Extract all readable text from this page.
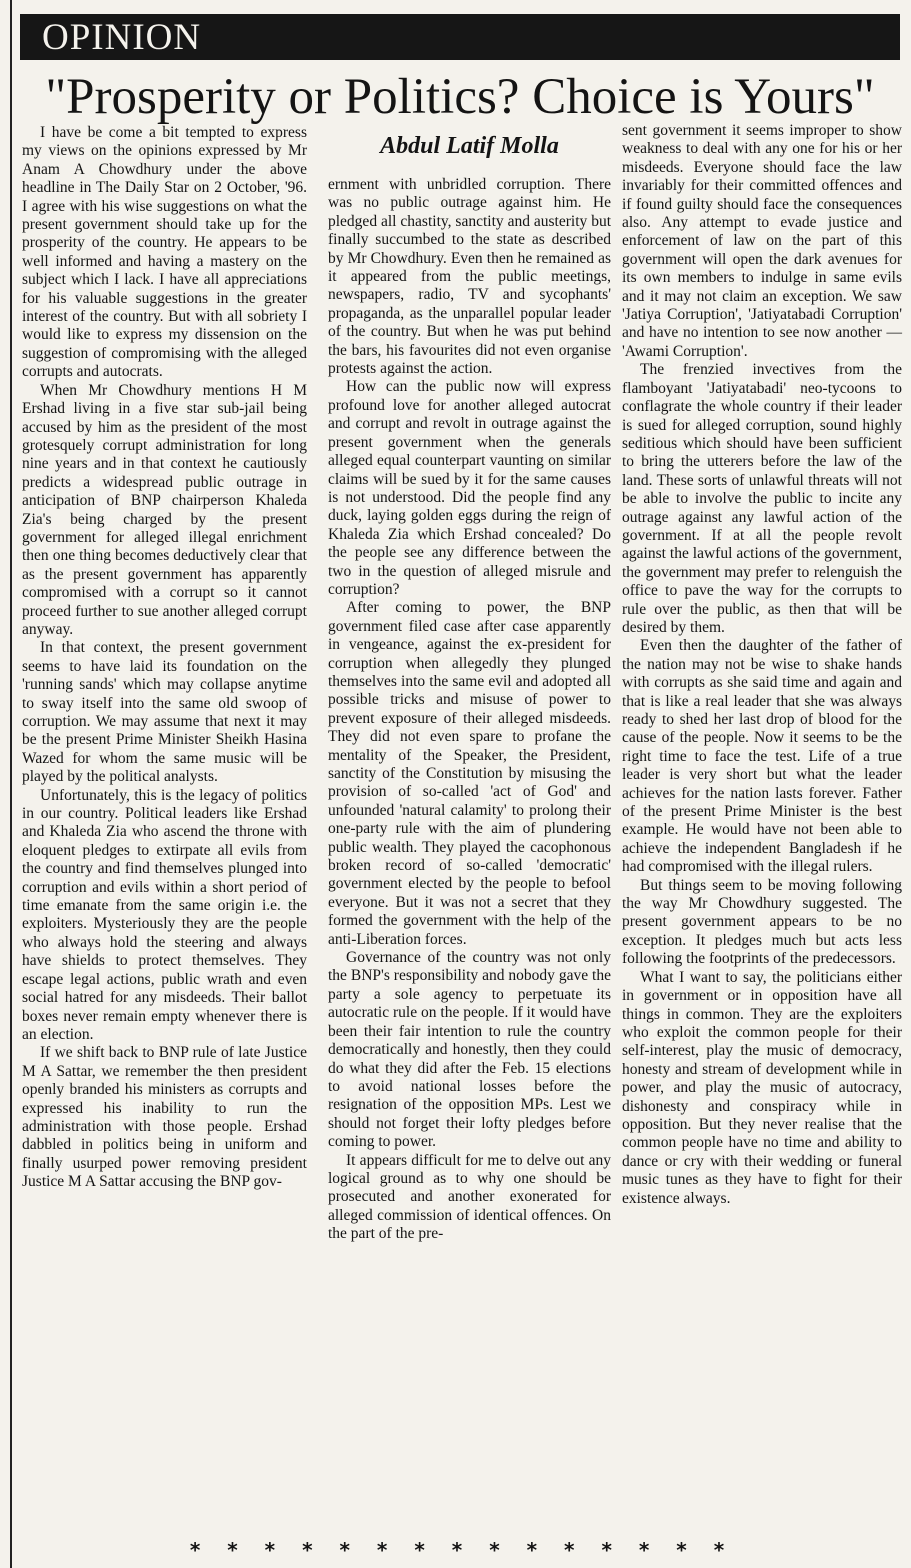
OPINION
"Prosperity or Politics? Choice is Yours"

I have be come a bit tempted to express my views on the opinions expressed by Mr Anam A Chowdhury under the above headline in The Daily Star on 2 October, '96. I agree with his wise suggestions on what the present government should take up for the prosperity of the country. He appears to be well informed and having a mastery on the subject which I lack. I have all appreciations for his valuable suggestions in the greater interest of the country. But with all sobriety I would like to express my dissension on the suggestion of compromising with the alleged corrupts and autocrats.

When Mr Chowdhury mentions H M Ershad living in a five star sub-jail being accused by him as the president of the most grotesquely corrupt administration for long nine years and in that context he cautiously predicts a widespread public outrage in anticipation of BNP chairperson Khaleda Zia's being charged by the present government for alleged illegal enrichment then one thing becomes deductively clear that as the present government has apparently compromised with a corrupt so it cannot proceed further to sue another alleged corrupt anyway.

In that context, the present government seems to have laid its foundation on the 'running sands' which may collapse anytime to sway itself into the same old swoop of corruption. We may assume that next it may be the present Prime Minister Sheikh Hasina Wazed for whom the same music will be played by the political analysts.

Unfortunately, this is the legacy of politics in our country. Political leaders like Ershad and Khaleda Zia who ascend the throne with eloquent pledges to extirpate all evils from the country and find themselves plunged into corruption and evils within a short period of time emanate from the same origin i.e. the exploiters. Mysteriously they are the people who always hold the steering and always have shields to protect themselves. They escape legal actions, public wrath and even social hatred for any misdeeds. Their ballot boxes never remain empty whenever there is an election.

If we shift back to BNP rule of late Justice M A Sattar, we remember the then president openly branded his ministers as corrupts and expressed his inability to run the administration with those people. Ershad dabbled in politics being in uniform and finally usurped power removing president Justice M A Sattar accusing the BNP gov-

Abdul Latif Molla

ernment with unbridled corruption. There was no public outrage against him. He pledged all chastity, sanctity and austerity but finally succumbed to the state as described by Mr Chowdhury. Even then he remained as it appeared from the public meetings, newspapers, radio, TV and sycophants' propaganda, as the unparallel popular leader of the country. But when he was put behind the bars, his favourites did not even organise protests against the action.

How can the public now will express profound love for another alleged autocrat and corrupt and revolt in outrage against the present government when the generals alleged equal counterpart vaunting on similar claims will be sued by it for the same causes is not understood. Did the people find any duck, laying golden eggs during the reign of Khaleda Zia which Ershad concealed? Do the people see any difference between the two in the question of alleged misrule and corruption?

After coming to power, the BNP government filed case after case apparently in vengeance, against the ex-president for corruption when allegedly they plunged themselves into the same evil and adopted all possible tricks and misuse of power to prevent exposure of their alleged misdeeds. They did not even spare to profane the mentality of the Speaker, the President, sanctity of the Constitution by misusing the provision of so-called 'act of God' and unfounded 'natural calamity' to prolong their one-party rule with the aim of plundering public wealth. They played the cacophonous broken record of so-called 'democratic' government elected by the people to befool everyone. But it was not a secret that they formed the government with the help of the anti-Liberation forces.

Governance of the country was not only the BNP's responsibility and nobody gave the party a sole agency to perpetuate its autocratic rule on the people. If it would have been their fair intention to rule the country democratically and honestly, then they could do what they did after the Feb. 15 elections to avoid national losses before the resignation of the opposition MPs. Lest we should not forget their lofty pledges before coming to power.

It appears difficult for me to delve out any logical ground as to why one should be prosecuted and another exonerated for alleged commission of identical offences. On the part of the pre-

sent government it seems improper to show weakness to deal with any one for his or her misdeeds. Everyone should face the law invariably for their committed offences and if found guilty should face the consequences also. Any attempt to evade justice and enforcement of law on the part of this government will open the dark avenues for its own members to indulge in same evils and it may not claim an exception. We saw 'Jatiya Corruption', 'Jatiyatabadi Corruption' and have no intention to see now another — 'Awami Corruption'.

The frenzied invectives from the flamboyant 'Jatiyatabadi' neo-tycoons to conflagrate the whole country if their leader is sued for alleged corruption, sound highly seditious which should have been sufficient to bring the utterers before the law of the land. These sorts of unlawful threats will not be able to involve the public to incite any outrage against any lawful action of the government. If at all the people revolt against the lawful actions of the government, the government may prefer to relenguish the office to pave the way for the corrupts to rule over the public, as then that will be desired by them.

Even then the daughter of the father of the nation may not be wise to shake hands with corrupts as she said time and again and that is like a real leader that she was always ready to shed her last drop of blood for the cause of the people. Now it seems to be the right time to face the test. Life of a true leader is very short but what the leader achieves for the nation lasts forever. Father of the present Prime Minister is the best example. He would have not been able to achieve the independent Bangladesh if he had compromised with the illegal rulers.

But things seem to be moving following the way Mr Chowdhury suggested. The present government appears to be no exception. It pledges much but acts less following the footprints of the predecessors.

What I want to say, the politicians either in government or in opposition have all things in common. They are the exploiters who exploit the common people for their self-interest, play the music of democracy, honesty and stream of development while in power, and play the music of autocracy, dishonesty and conspiracy while in opposition. But they never realise that the common people have no time and ability to dance or cry with their wedding or funeral music tunes as they have to fight for their existence always.

* * * * * * * * * * * * * * *
